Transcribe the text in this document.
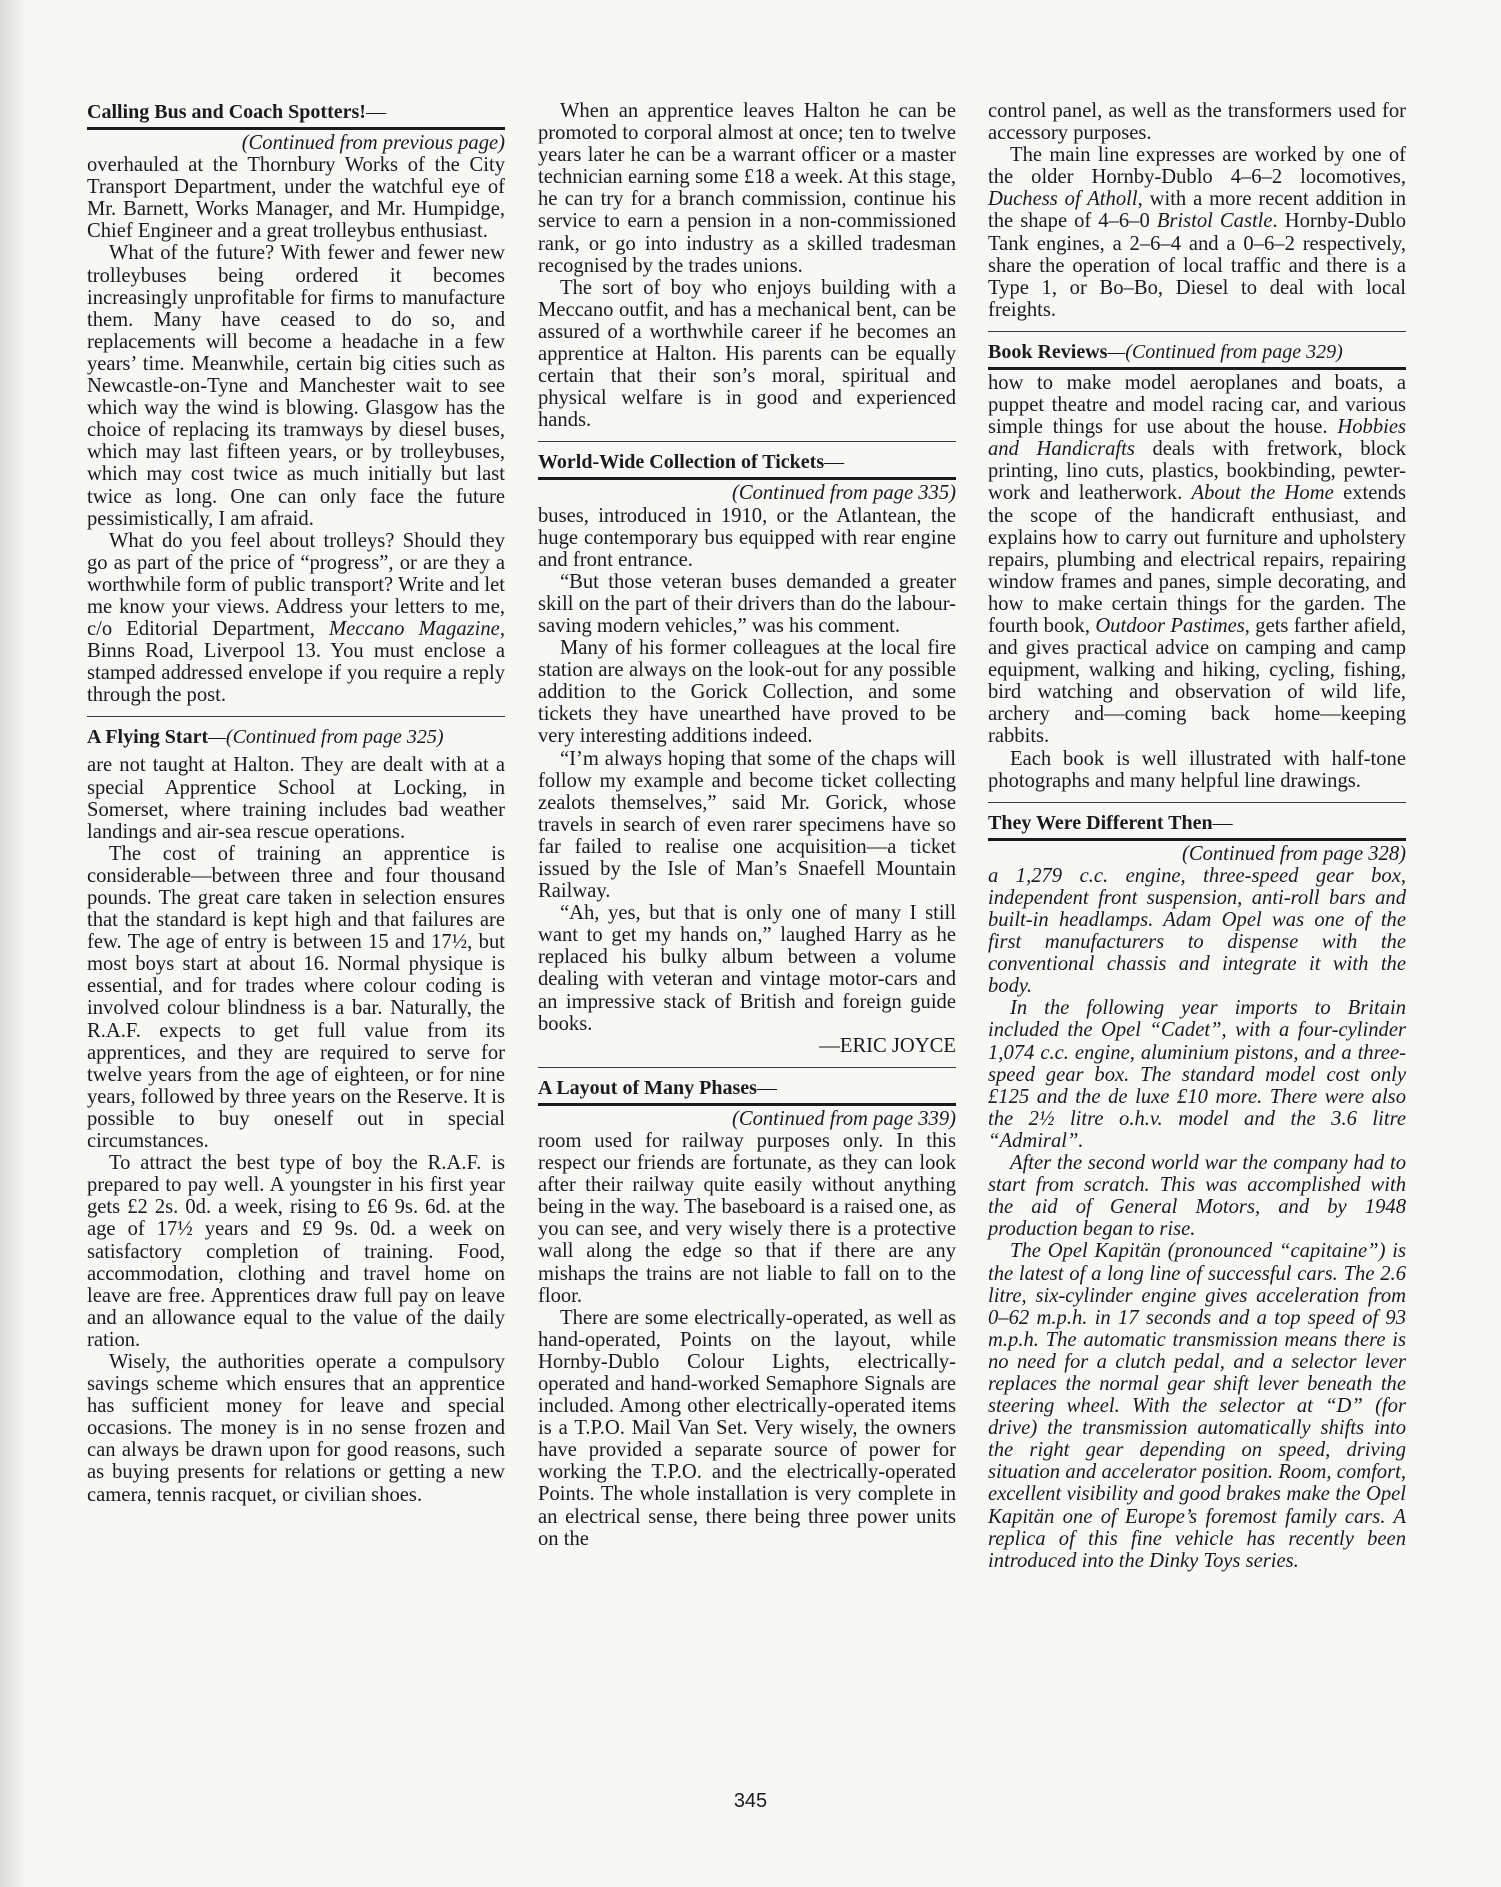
Calling Bus and Coach Spotters!—

(Continued from previous page)

overhauled at the Thornbury Works of the City Transport Department, under the watchful eye of Mr. Barnett, Works Manager, and Mr. Humpidge, Chief Engineer and a great trolleybus enthusiast.

What of the future? With fewer and fewer new trolleybuses being ordered it becomes increasingly unprofitable for firms to manufacture them. Many have ceased to do so, and replacements will become a headache in a few years’ time. Meanwhile, certain big cities such as Newcastle-on-Tyne and Manchester wait to see which way the wind is blowing. Glasgow has the choice of replacing its tramways by diesel buses, which may last fifteen years, or by trolleybuses, which may cost twice as much initially but last twice as long. One can only face the future pessimistically, I am afraid.

What do you feel about trolleys? Should they go as part of the price of “progress”, or are they a worthwhile form of public transport? Write and let me know your views. Address your letters to me, c/o Editorial Department, Meccano Magazine, Binns Road, Liverpool 13. You must enclose a stamped addressed envelope if you require a reply through the post.

A Flying Start—(Continued from page 325)

are not taught at Halton. They are dealt with at a special Apprentice School at Locking, in Somerset, where training includes bad weather landings and air-sea rescue operations.

The cost of training an apprentice is considerable—between three and four thousand pounds. The great care taken in selection ensures that the standard is kept high and that failures are few. The age of entry is between 15 and 17½, but most boys start at about 16. Normal physique is essential, and for trades where colour coding is involved colour blindness is a bar. Naturally, the R.A.F. expects to get full value from its apprentices, and they are required to serve for twelve years from the age of eighteen, or for nine years, followed by three years on the Reserve. It is possible to buy oneself out in special circumstances.

To attract the best type of boy the R.A.F. is prepared to pay well. A youngster in his first year gets £2 2s. 0d. a week, rising to £6 9s. 6d. at the age of 17½ years and £9 9s. 0d. a week on satisfactory completion of training. Food, accommodation, clothing and travel home on leave are free. Apprentices draw full pay on leave and an allowance equal to the value of the daily ration.

Wisely, the authorities operate a compulsory savings scheme which ensures that an apprentice has sufficient money for leave and special occasions. The money is in no sense frozen and can always be drawn upon for good reasons, such as buying presents for relations or getting a new camera, tennis racquet, or civilian shoes.

When an apprentice leaves Halton he can be promoted to corporal almost at once; ten to twelve years later he can be a warrant officer or a master technician earning some £18 a week. At this stage, he can try for a branch commission, continue his service to earn a pension in a non-commissioned rank, or go into industry as a skilled tradesman recognised by the trades unions.

The sort of boy who enjoys building with a Meccano outfit, and has a mechanical bent, can be assured of a worthwhile career if he becomes an apprentice at Halton. His parents can be equally certain that their son’s moral, spiritual and physical welfare is in good and experienced hands.

World-Wide Collection of Tickets—

(Continued from page 335)

buses, introduced in 1910, or the Atlantean, the huge contemporary bus equipped with rear engine and front entrance.

“But those veteran buses demanded a greater skill on the part of their drivers than do the labour-saving modern vehicles,” was his comment.

Many of his former colleagues at the local fire station are always on the look-out for any possible addition to the Gorick Collection, and some tickets they have unearthed have proved to be very interesting additions indeed.

“I’m always hoping that some of the chaps will follow my example and become ticket collecting zealots themselves,” said Mr. Gorick, whose travels in search of even rarer specimens have so far failed to realise one acquisition—a ticket issued by the Isle of Man’s Snaefell Mountain Railway.

“Ah, yes, but that is only one of many I still want to get my hands on,” laughed Harry as he replaced his bulky album between a volume dealing with veteran and vintage motor-cars and an impressive stack of British and foreign guide books.

—ERIC JOYCE

A Layout of Many Phases—

(Continued from page 339)

room used for railway purposes only. In this respect our friends are fortunate, as they can look after their railway quite easily without anything being in the way. The baseboard is a raised one, as you can see, and very wisely there is a protective wall along the edge so that if there are any mishaps the trains are not liable to fall on to the floor.

There are some electrically-operated, as well as hand-operated, Points on the layout, while Hornby-Dublo Colour Lights, electrically-operated and hand-worked Semaphore Signals are included. Among other electrically-operated items is a T.P.O. Mail Van Set. Very wisely, the owners have provided a separate source of power for working the T.P.O. and the electrically-operated Points. The whole installation is very complete in an electrical sense, there being three power units on the

control panel, as well as the transformers used for accessory purposes.

The main line expresses are worked by one of the older Hornby-Dublo 4–6–2 locomotives, Duchess of Atholl, with a more recent addition in the shape of 4–6–0 Bristol Castle. Hornby-Dublo Tank engines, a 2–6–4 and a 0–6–2 respectively, share the operation of local traffic and there is a Type 1, or Bo–Bo, Diesel to deal with local freights.

Book Reviews—(Continued from page 329)

how to make model aeroplanes and boats, a puppet theatre and model racing car, and various simple things for use about the house. Hobbies and Handicrafts deals with fretwork, block printing, lino cuts, plastics, bookbinding, pewter-work and leatherwork. About the Home extends the scope of the handicraft enthusiast, and explains how to carry out furniture and upholstery repairs, plumbing and electrical repairs, repairing window frames and panes, simple decorating, and how to make certain things for the garden. The fourth book, Outdoor Pastimes, gets farther afield, and gives practical advice on camping and camp equipment, walking and hiking, cycling, fishing, bird watching and observation of wild life, archery and—coming back home—keeping rabbits.

Each book is well illustrated with half-tone photographs and many helpful line drawings.

They Were Different Then—

(Continued from page 328)

a 1,279 c.c. engine, three-speed gear box, independent front suspension, anti-roll bars and built-in headlamps. Adam Opel was one of the first manufacturers to dispense with the conventional chassis and integrate it with the body.

In the following year imports to Britain included the Opel “Cadet”, with a four-cylinder 1,074 c.c. engine, aluminium pistons, and a three-speed gear box. The standard model cost only £125 and the de luxe £10 more. There were also the 2½ litre o.h.v. model and the 3.6 litre “Admiral”.

After the second world war the company had to start from scratch. This was accomplished with the aid of General Motors, and by 1948 production began to rise.

The Opel Kapitän (pronounced “capitaine”) is the latest of a long line of successful cars. The 2.6 litre, six-cylinder engine gives acceleration from 0–62 m.p.h. in 17 seconds and a top speed of 93 m.p.h. The automatic transmission means there is no need for a clutch pedal, and a selector lever replaces the normal gear shift lever beneath the steering wheel. With the selector at “D” (for drive) the transmission automatically shifts into the right gear depending on speed, driving situation and accelerator position. Room, comfort, excellent visibility and good brakes make the Opel Kapitän one of Europe’s foremost family cars. A replica of this fine vehicle has recently been introduced into the Dinky Toys series.

345
